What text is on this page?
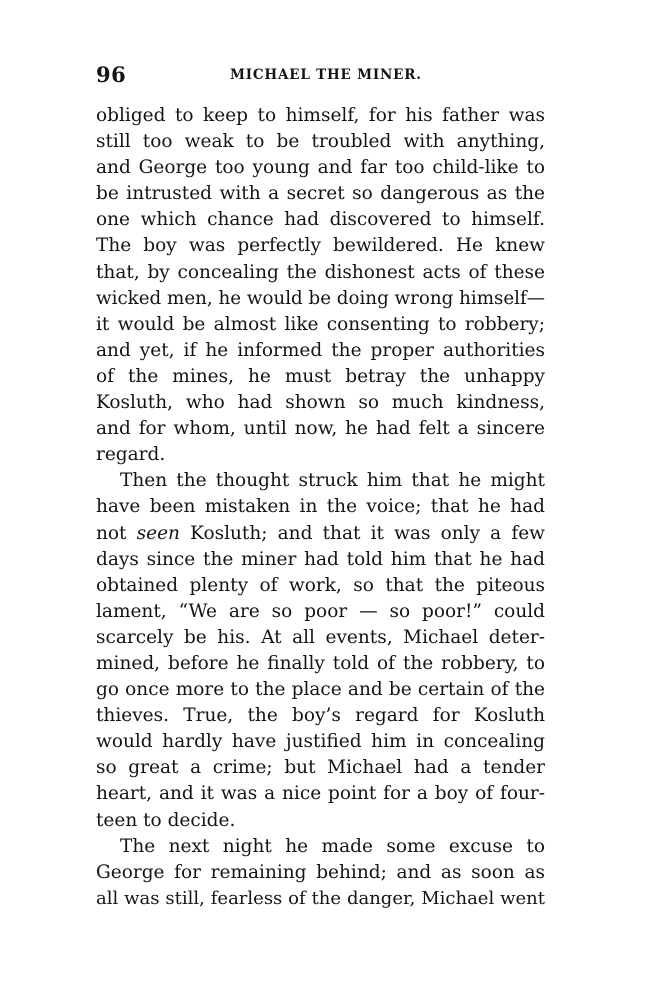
96	MICHAEL THE MINER.
obliged to keep to himself, for his father was
still too weak to be troubled with anything,
and George too young and far too child-like to
be intrusted with a secret so dangerous as the
one which chance had discovered to himself.
The boy was perfectly bewildered. He knew
that, by concealing the dishonest acts of these
wicked men, he would be doing wrong himself—
it would be almost like consenting to robbery;
and yet, if he informed the proper authorities
of the mines, he must betray the unhappy
Kosluth, who had shown so much kindness,
and for whom, until now, he had felt a sincere
regard.
Then the thought struck him that he might
have been mistaken in the voice; that he had
not seen Kosluth; and that it was only a few
days since the miner had told him that he had
obtained plenty of work, so that the piteous
lament, “We are so poor — so poor!” could
scarcely be his. At all events, Michael deter-
mined, before he finally told of the robbery, to
go once more to the place and be certain of the
thieves. True, the boy’s regard for Kosluth
would hardly have justified him in concealing
so great a crime; but Michael had a tender
heart, and it was a nice point for a boy of four-
teen to decide.
The next night he made some excuse to
George for remaining behind; and as soon as
all was still, fearless of the danger, Michael went
